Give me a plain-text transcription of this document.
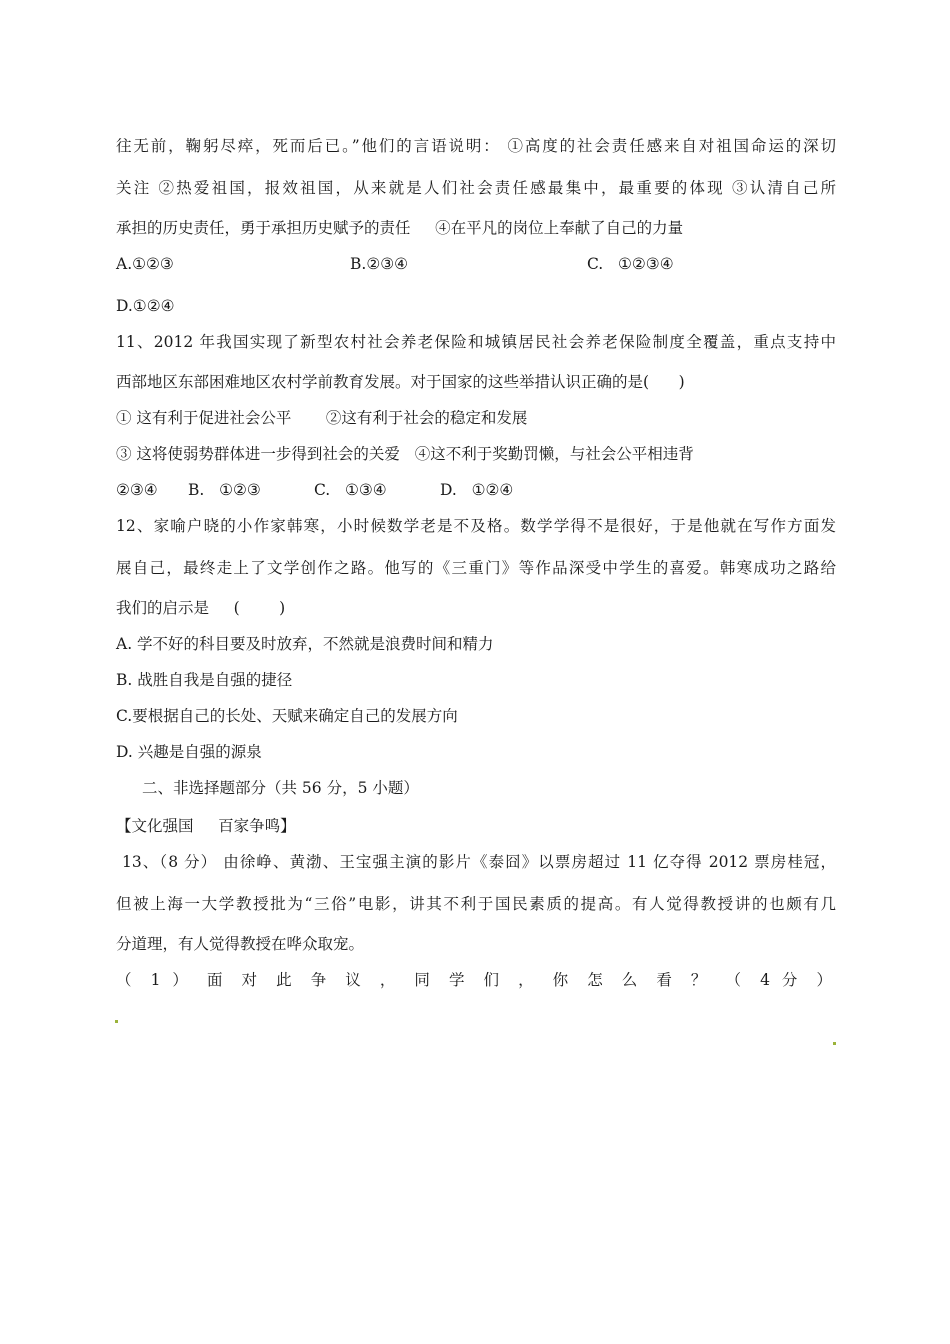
往无前，鞠躬尽瘁，死而后已。”他们的言语说明： ①高度的社会责任感来自对祖国命运的深切
关注 ②热爱祖国，报效祖国，从来就是人们社会责任感最集中，最重要的体现 ③认清自己所
承担的历史责任，勇于承担历史赋予的责任     ④在平凡的岗位上奉献了自己的力量
A.①②③	B.②③④	C.   ①②③④
D.①②④
11、2012 年我国实现了新型农村社会养老保险和城镇居民社会养老保险制度全覆盖，重点支持中
西部地区东部困难地区农村学前教育发展。对于国家的这些举措认识正确的是(      )
① 这有利于促进社会公平       ②这有利于社会的稳定和发展
③ 这将使弱势群体进一步得到社会的关爱   ④这不利于奖勤罚懒，与社会公平相违背
②③④ B.   ①②③	C.   ①③④	D.   ①②④
12、家喻户晓的小作家韩寒，小时候数学老是不及格。数学学得不是很好，于是他就在写作方面发
展自己，最终走上了文学创作之路。他写的《三重门》等作品深受中学生的喜爱。韩寒成功之路给
我们的启示是     (        )
A. 学不好的科目要及时放弃，不然就是浪费时间和精力
B. 战胜自我是自强的捷径
C.要根据自己的长处、天赋来确定自己的发展方向
D. 兴趣是自强的源泉
二、非选择题部分（共 56 分，5 小题）
【文化强国     百家争鸣】
13、（8 分） 由徐峥、黄渤、王宝强主演的影片《泰囧》以票房超过 11 亿夺得 2012 票房桂冠，
但被上海一大学教授批为“三俗”电影，讲其不利于国民素质的提高。有人觉得教授讲的也颇有几
分道理，有人觉得教授在哗众取宠。
（ 1 ） 面 对 此 争 议 ， 同 学 们 ， 你 怎 么 看 ？ （ 4 分 ）
